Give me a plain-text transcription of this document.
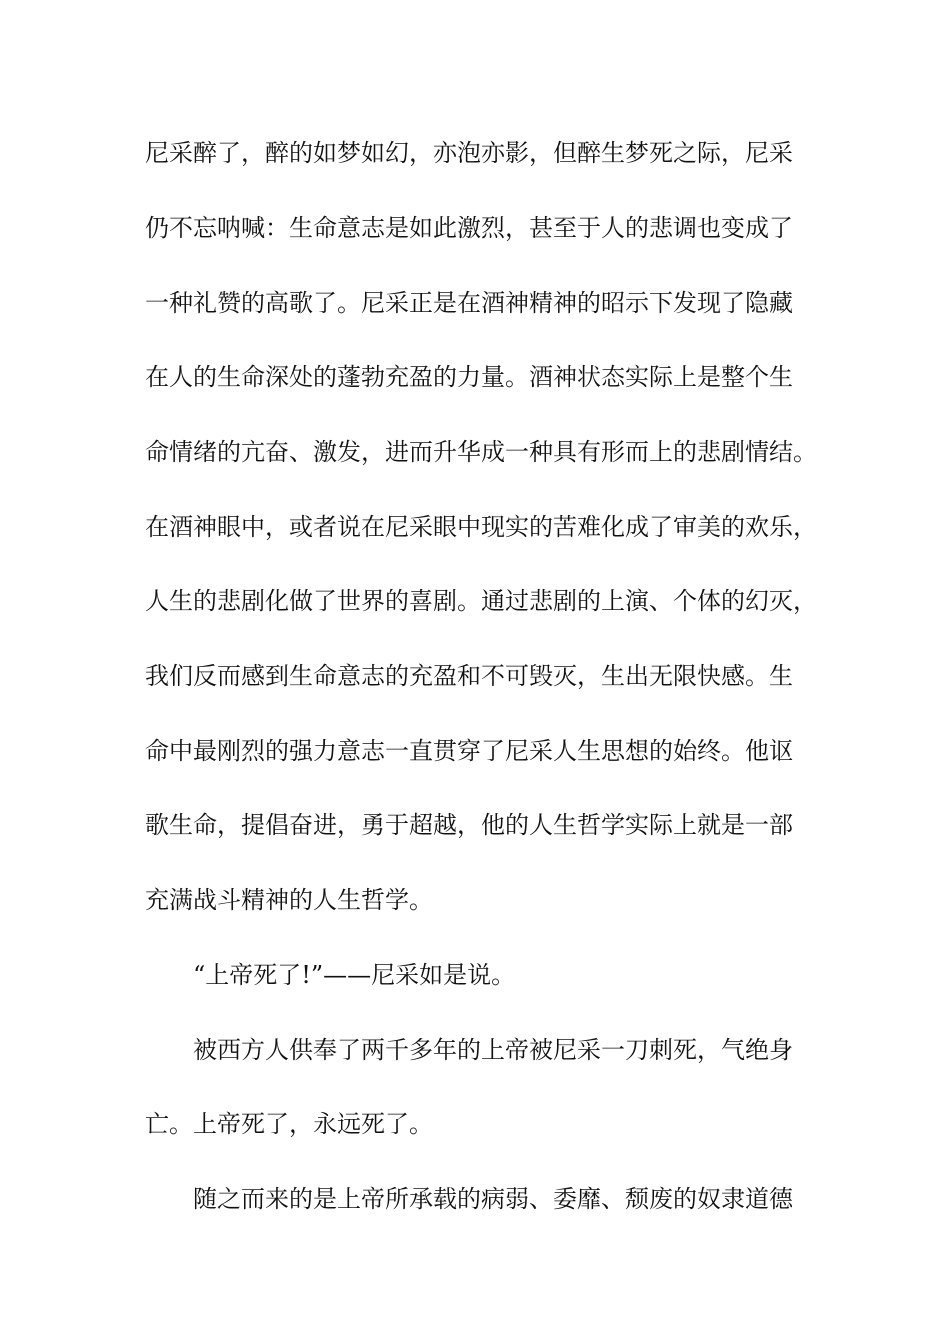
尼采醉了，醉的如梦如幻，亦泡亦影，但醉生梦死之际，尼采
仍不忘呐喊：生命意志是如此激烈，甚至于人的悲调也变成了
一种礼赞的高歌了。尼采正是在酒神精神的昭示下发现了隐藏
在人的生命深处的蓬勃充盈的力量。酒神状态实际上是整个生
命情绪的亢奋、激发，进而升华成一种具有形而上的悲剧情结。
在酒神眼中，或者说在尼采眼中现实的苦难化成了审美的欢乐，
人生的悲剧化做了世界的喜剧。通过悲剧的上演、个体的幻灭，
我们反而感到生命意志的充盈和不可毁灭，生出无限快感。生
命中最刚烈的强力意志一直贯穿了尼采人生思想的始终。他讴
歌生命，提倡奋进，勇于超越，他的人生哲学实际上就是一部
充满战斗精神的人生哲学。
“上帝死了!”——尼采如是说。
被西方人供奉了两千多年的上帝被尼采一刀刺死，气绝身
亡。上帝死了，永远死了。
随之而来的是上帝所承载的病弱、委靡、颓废的奴隶道德
